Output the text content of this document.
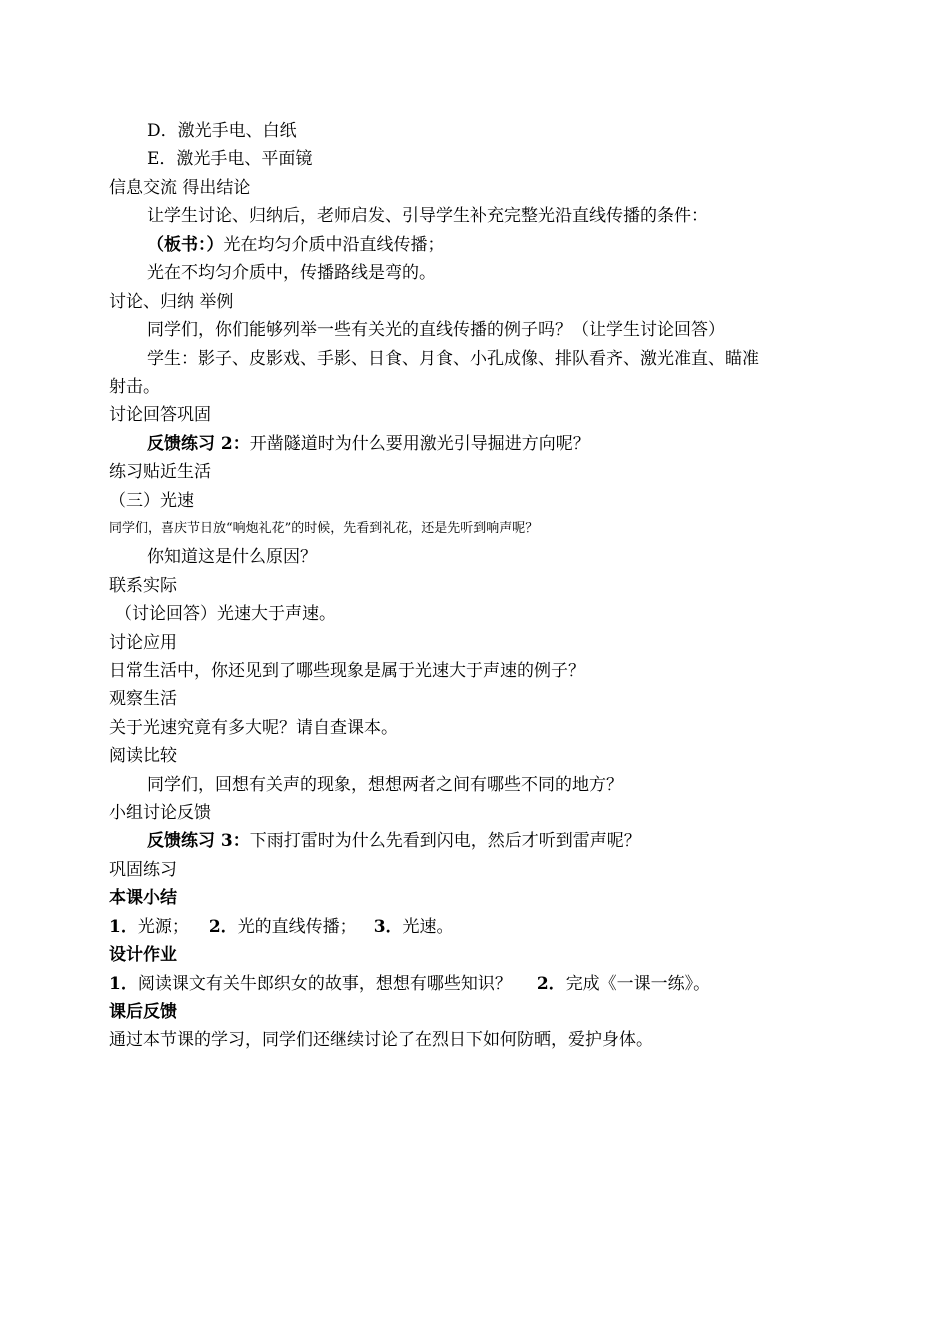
D．激光手电、白纸
E．激光手电、平面镜
信息交流 得出结论
让学生讨论、归纳后，老师启发、引导学生补充完整光沿直线传播的条件：
（板书：）光在均匀介质中沿直线传播；
光在不均匀介质中，传播路线是弯的。
讨论、归纳 举例
同学们，你们能够列举一些有关光的直线传播的例子吗？（让学生讨论回答）
学生：影子、皮影戏、手影、日食、月食、小孔成像、排队看齐、激光准直、瞄准
射击。
讨论回答巩固
反馈练习 2：开凿隧道时为什么要用激光引导掘进方向呢？
练习贴近生活
（三）光速
同学们，喜庆节日放“响炮礼花”的时候，先看到礼花，还是先听到响声呢？
你知道这是什么原因？
联系实际
（讨论回答）光速大于声速。
讨论应用
日常生活中，你还见到了哪些现象是属于光速大于声速的例子？
观察生活
关于光速究竟有多大呢？请自查课本。
阅读比较
同学们，回想有关声的现象，想想两者之间有哪些不同的地方？
小组讨论反馈
反馈练习 3：下雨打雷时为什么先看到闪电，然后才听到雷声呢？
巩固练习
本课小结
1．光源； 2．光的直线传播； 3．光速。
设计作业
1．阅读课文有关牛郎织女的故事，想想有哪些知识？ 2．完成《一课一练》。
课后反馈
通过本节课的学习，同学们还继续讨论了在烈日下如何防晒，爱护身体。
